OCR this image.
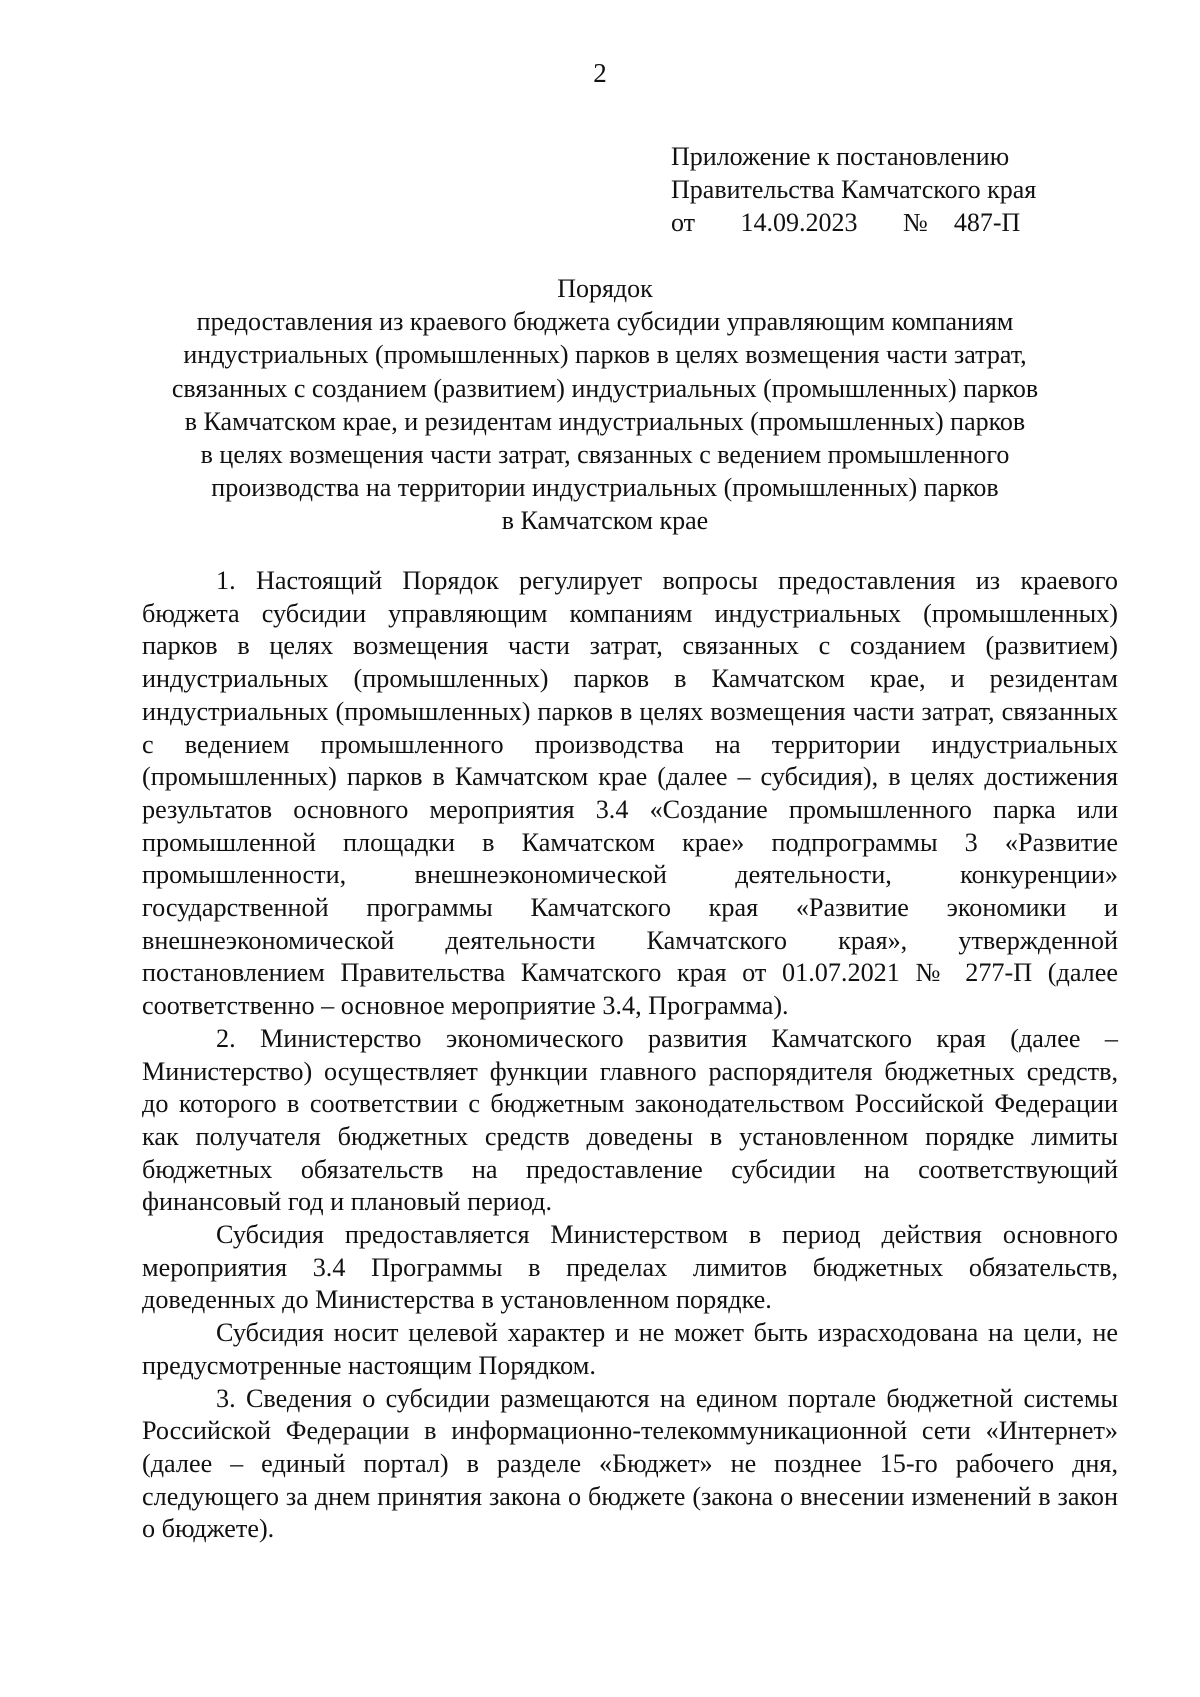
2
Приложение к постановлению
Правительства Камчатского края
от       14.09.2023       №    487-П
Порядок
предоставления из краевого бюджета субсидии управляющим компаниям
индустриальных (промышленных) парков в целях возмещения части затрат,
связанных с созданием (развитием) индустриальных (промышленных) парков
в Камчатском крае, и резидентам индустриальных (промышленных) парков
в целях возмещения части затрат, связанных с ведением промышленного
производства на территории индустриальных (промышленных) парков
в Камчатском крае

1. Настоящий Порядок регулирует вопросы предоставления из краевого бюджета субсидии управляющим компаниям индустриальных (промышленных) парков в целях возмещения части затрат, связанных с созданием (развитием) индустриальных (промышленных) парков в Камчатском крае, и резидентам индустриальных (промышленных) парков в целях возмещения части затрат, связанных с ведением промышленного производства на территории индустриальных (промышленных) парков в Камчатском крае (далее – субсидия), в целях достижения результатов основного мероприятия 3.4 «Создание промышленного парка или промышленной площадки в Камчатском крае» подпрограммы 3 «Развитие промышленности, внешнеэкономической деятельности, конкуренции» государственной программы Камчатского края «Развитие экономики и внешнеэкономической деятельности Камчатского края», утвержденной постановлением Правительства Камчатского края от 01.07.2021 № 277-П (далее соответственно – основное мероприятие 3.4, Программа).

2. Министерство экономического развития Камчатского края (далее – Министерство) осуществляет функции главного распорядителя бюджетных средств, до которого в соответствии с бюджетным законодательством Российской Федерации как получателя бюджетных средств доведены в установленном порядке лимиты бюджетных обязательств на предоставление субсидии на соответствующий финансовый год и плановый период.

Субсидия предоставляется Министерством в период действия основного мероприятия 3.4 Программы в пределах лимитов бюджетных обязательств, доведенных до Министерства в установленном порядке.

Субсидия носит целевой характер и не может быть израсходована на цели, не предусмотренные настоящим Порядком.

3. Сведения о субсидии размещаются на едином портале бюджетной системы Российской Федерации в информационно-телекоммуникационной сети «Интернет» (далее – единый портал) в разделе «Бюджет» не позднее 15-го рабочего дня, следующего за днем принятия закона о бюджете (закона о внесении изменений в закон о бюджете).
